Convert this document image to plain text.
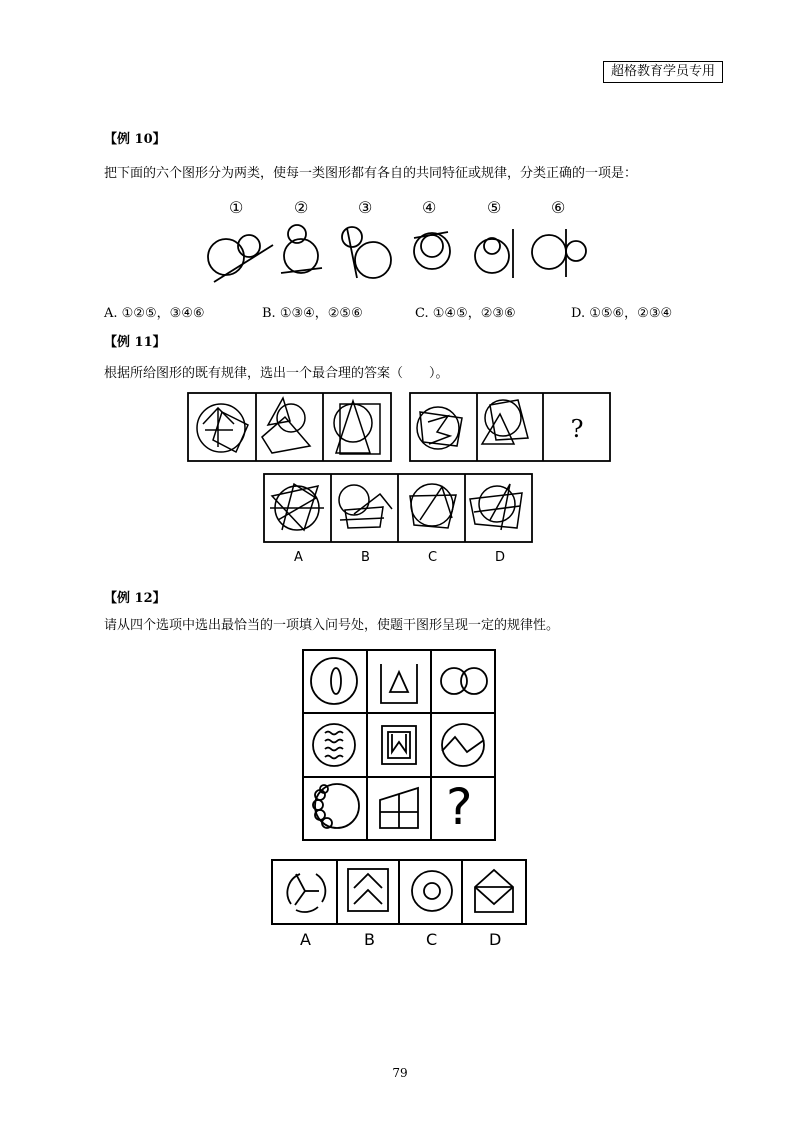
超格教育学员专用
【例 10】
把下面的六个图形分为两类，使每一类图形都有各自的共同特征或规律，分类正确的一项是：
①	②	③	④	⑤	⑥
A. ①②⑤，③④⑥	B. ①③④，②⑤⑥	C. ①④⑤，②③⑥	D. ①⑤⑥，②③④
【例 11】
根据所给图形的既有规律，选出一个最合理的答案（　　）。
?
A	B	C	D
【例 12】
请从四个选项中选出最恰当的一项填入问号处，使题干图形呈现一定的规律性。
?
A	B	C	D
79
